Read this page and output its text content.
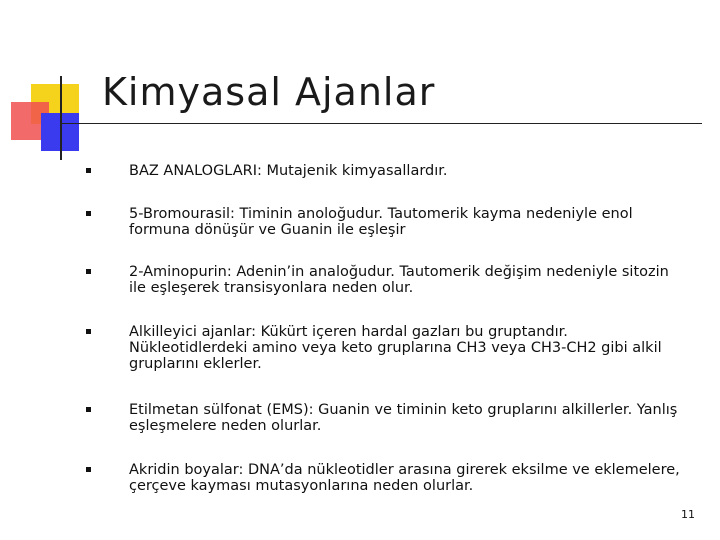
Kimyasal Ajanlar
BAZ ANALOGLARI: Mutajenik kimyasallardır.
5-Bromourasil: Timinin anoloğudur. Tautomerik kayma nedeniyle enol formuna dönüşür ve Guanin ile eşleşir
2-Aminopurin: Adenin’in analoğudur. Tautomerik değişim nedeniyle sitozin ile eşleşerek transisyonlara neden olur.
Alkilleyici ajanlar: Kükürt içeren hardal gazları bu gruptandır. Nükleotidlerdeki amino veya keto gruplarına CH3 veya CH3-CH2 gibi alkil gruplarını eklerler.
Etilmetan sülfonat (EMS): Guanin ve timinin keto gruplarını alkillerler. Yanlış eşleşmelere neden olurlar.
Akridin boyalar: DNA’da nükleotidler arasına girerek eksilme ve eklemelere, çerçeve kayması mutasyonlarına neden olurlar.
11
